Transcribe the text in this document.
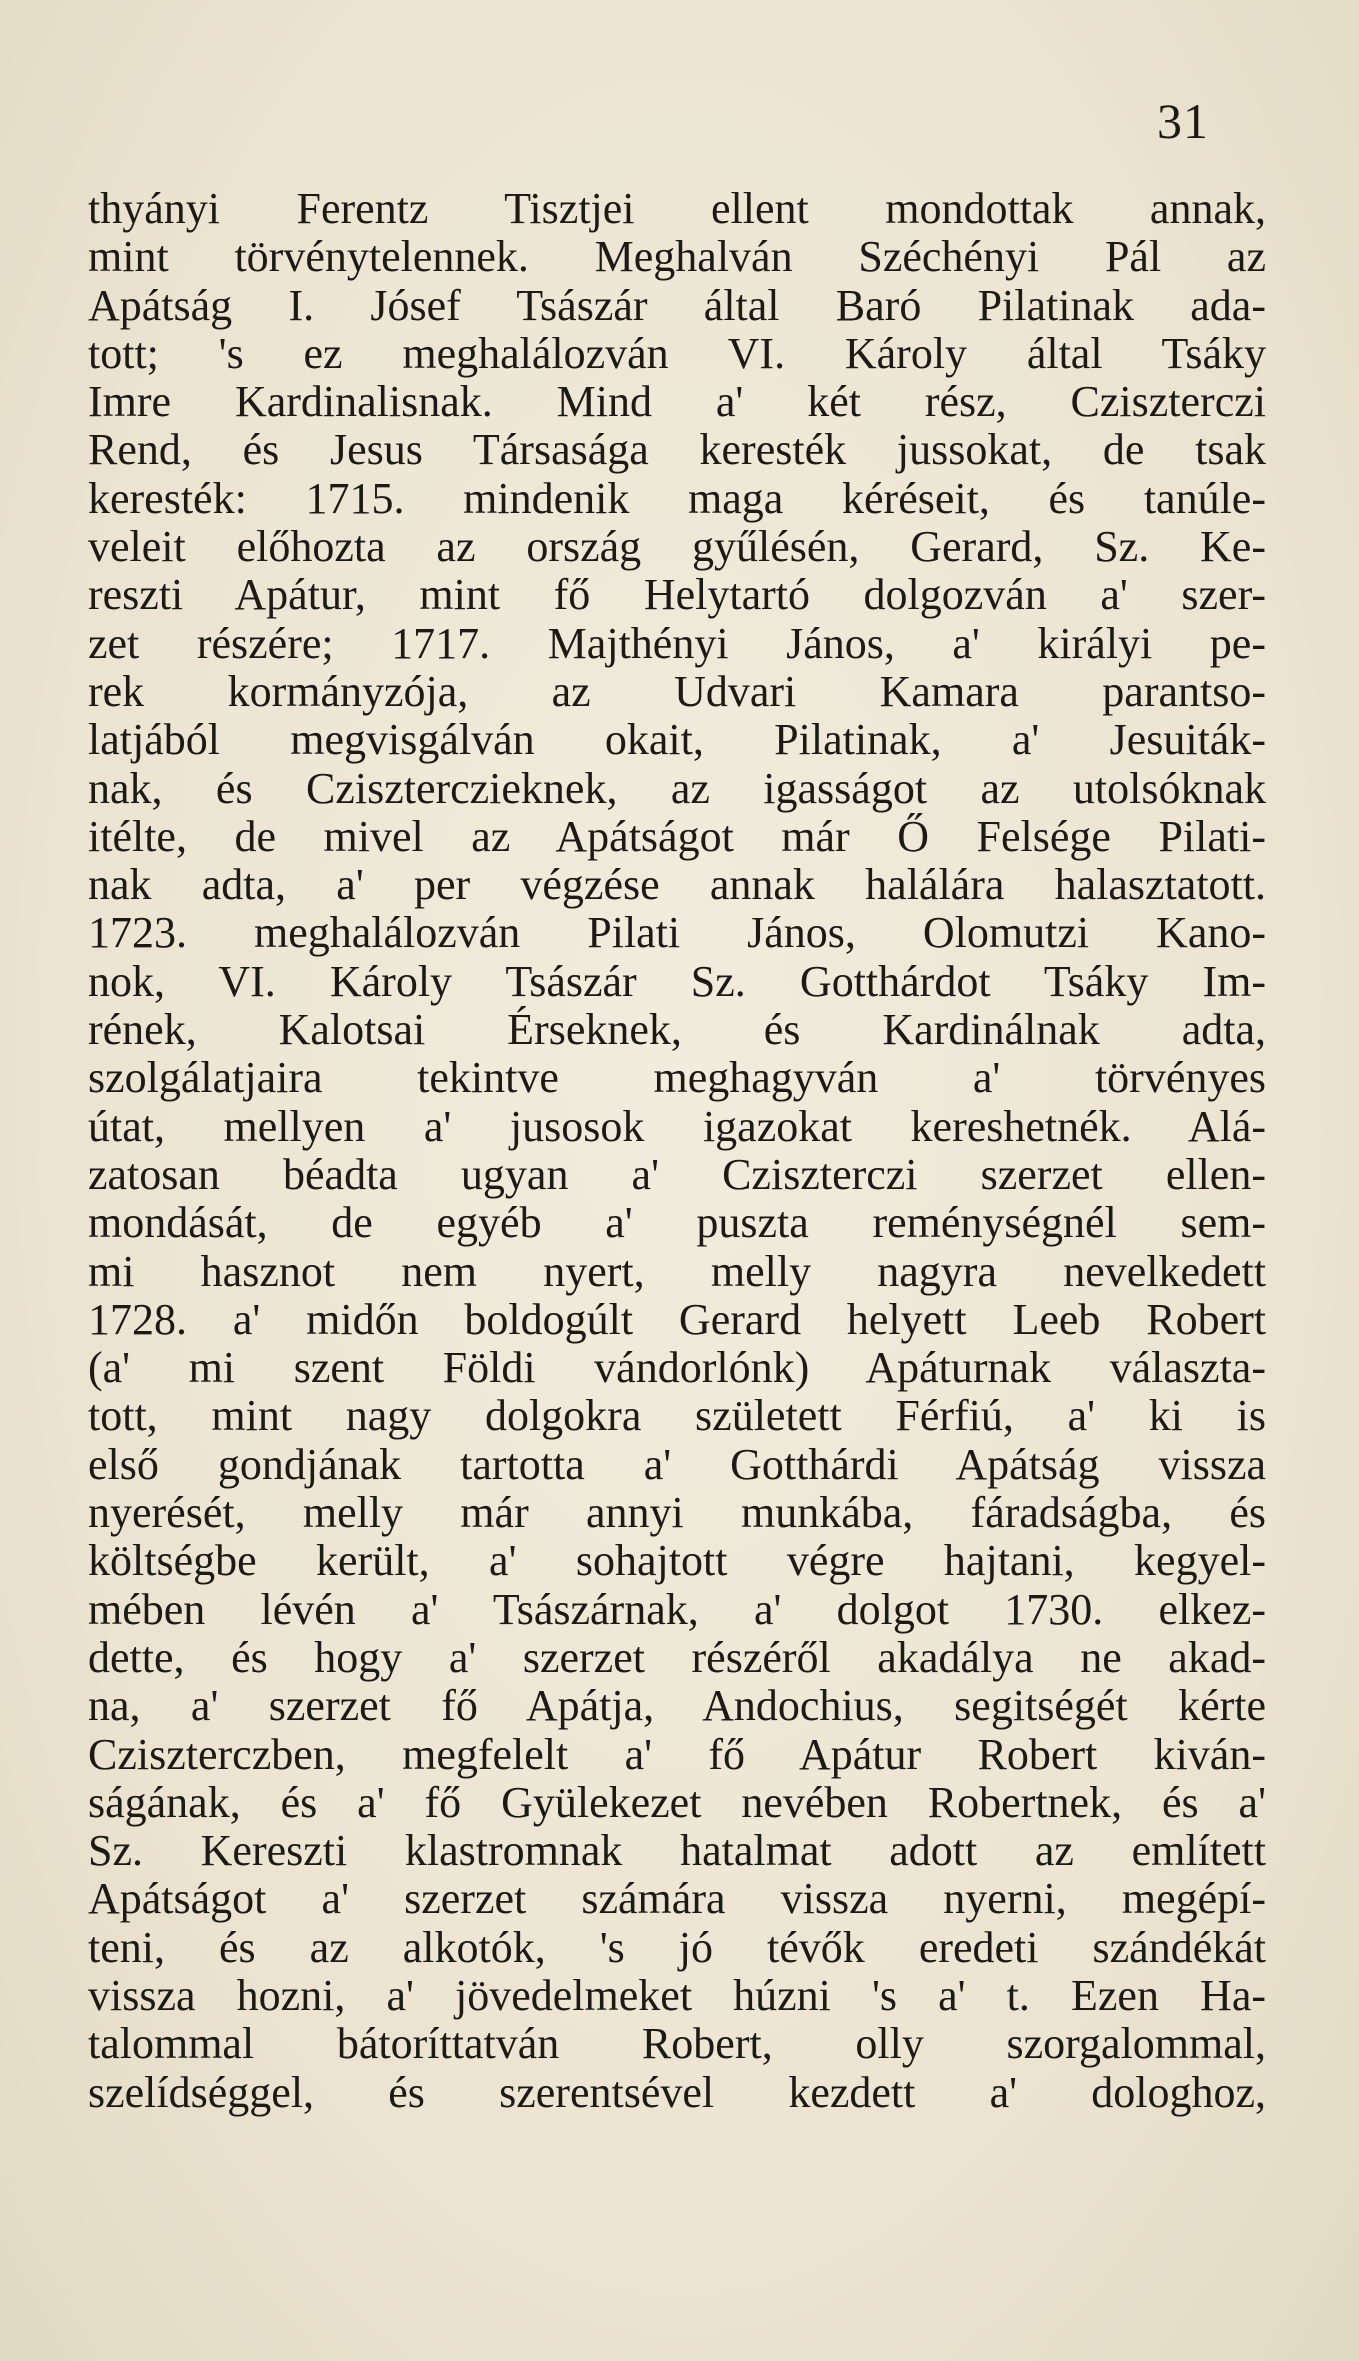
31
thyányi Ferentz Tisztjei ellent mondottak annak,
mint törvénytelennek. Meghalván Széchényi Pál az
Apátság I. Jósef Tsászár által Baró Pilatinak ada-
tott; 's ez meghalálozván VI. Károly által Tsáky
Imre Kardinalisnak. Mind a' két rész, Cziszterczi
Rend, és Jesus Társasága keresték jussokat, de tsak
keresték: 1715. mindenik maga kéréseit, és tanúle-
veleit előhozta az ország gyűlésén, Gerard, Sz. Ke-
reszti Apátur, mint fő Helytartó dolgozván a' szer-
zet részére; 1717. Majthényi János, a' királyi pe-
rek kormányzója, az Udvari Kamara parantso-
latjából megvisgálván okait, Pilatinak, a' Jesuiták-
nak, és Cziszterczieknek, az igasságot az utolsóknak
itélte, de mivel az Apátságot már Ő Felsége Pilati-
nak adta, a' per végzése annak halálára halasztatott.
1723. meghalálozván Pilati János, Olomutzi Kano-
nok, VI. Károly Tsászár Sz. Gotthárdot Tsáky Im-
rének, Kalotsai Érseknek, és Kardinálnak adta,
szolgálatjaira tekintve meghagyván a' törvényes
útat, mellyen a' jusosok igazokat kereshetnék. Alá-
zatosan béadta ugyan a' Cziszterczi szerzet ellen-
mondását, de egyéb a' puszta reménységnél sem-
mi hasznot nem nyert, melly nagyra nevelkedett
1728. a' midőn boldogúlt Gerard helyett Leeb Robert
(a' mi szent Földi vándorlónk) Apáturnak választa-
tott, mint nagy dolgokra született Férfiú, a' ki is
első gondjának tartotta a' Gotthárdi Apátság vissza
nyerését, melly már annyi munkába, fáradságba, és
költségbe került, a' sohajtott végre hajtani, kegyel-
mében lévén a' Tsászárnak, a' dolgot 1730. elkez-
dette, és hogy a' szerzet részéről akadálya ne akad-
na, a' szerzet fő Apátja, Andochius, segitségét kérte
Cziszterczben, megfelelt a' fő Apátur Robert kiván-
ságának, és a' fő Gyülekezet nevében Robertnek, és a'
Sz. Kereszti klastromnak hatalmat adott az említett
Apátságot a' szerzet számára vissza nyerni, megépí-
teni, és az alkotók, 's jó tévők eredeti szándékát
vissza hozni, a' jövedelmeket húzni 's a' t. Ezen Ha-
talommal bátoríttatván Robert, olly szorgalommal,
szelídséggel, és szerentsével kezdett a' dologhoz,
